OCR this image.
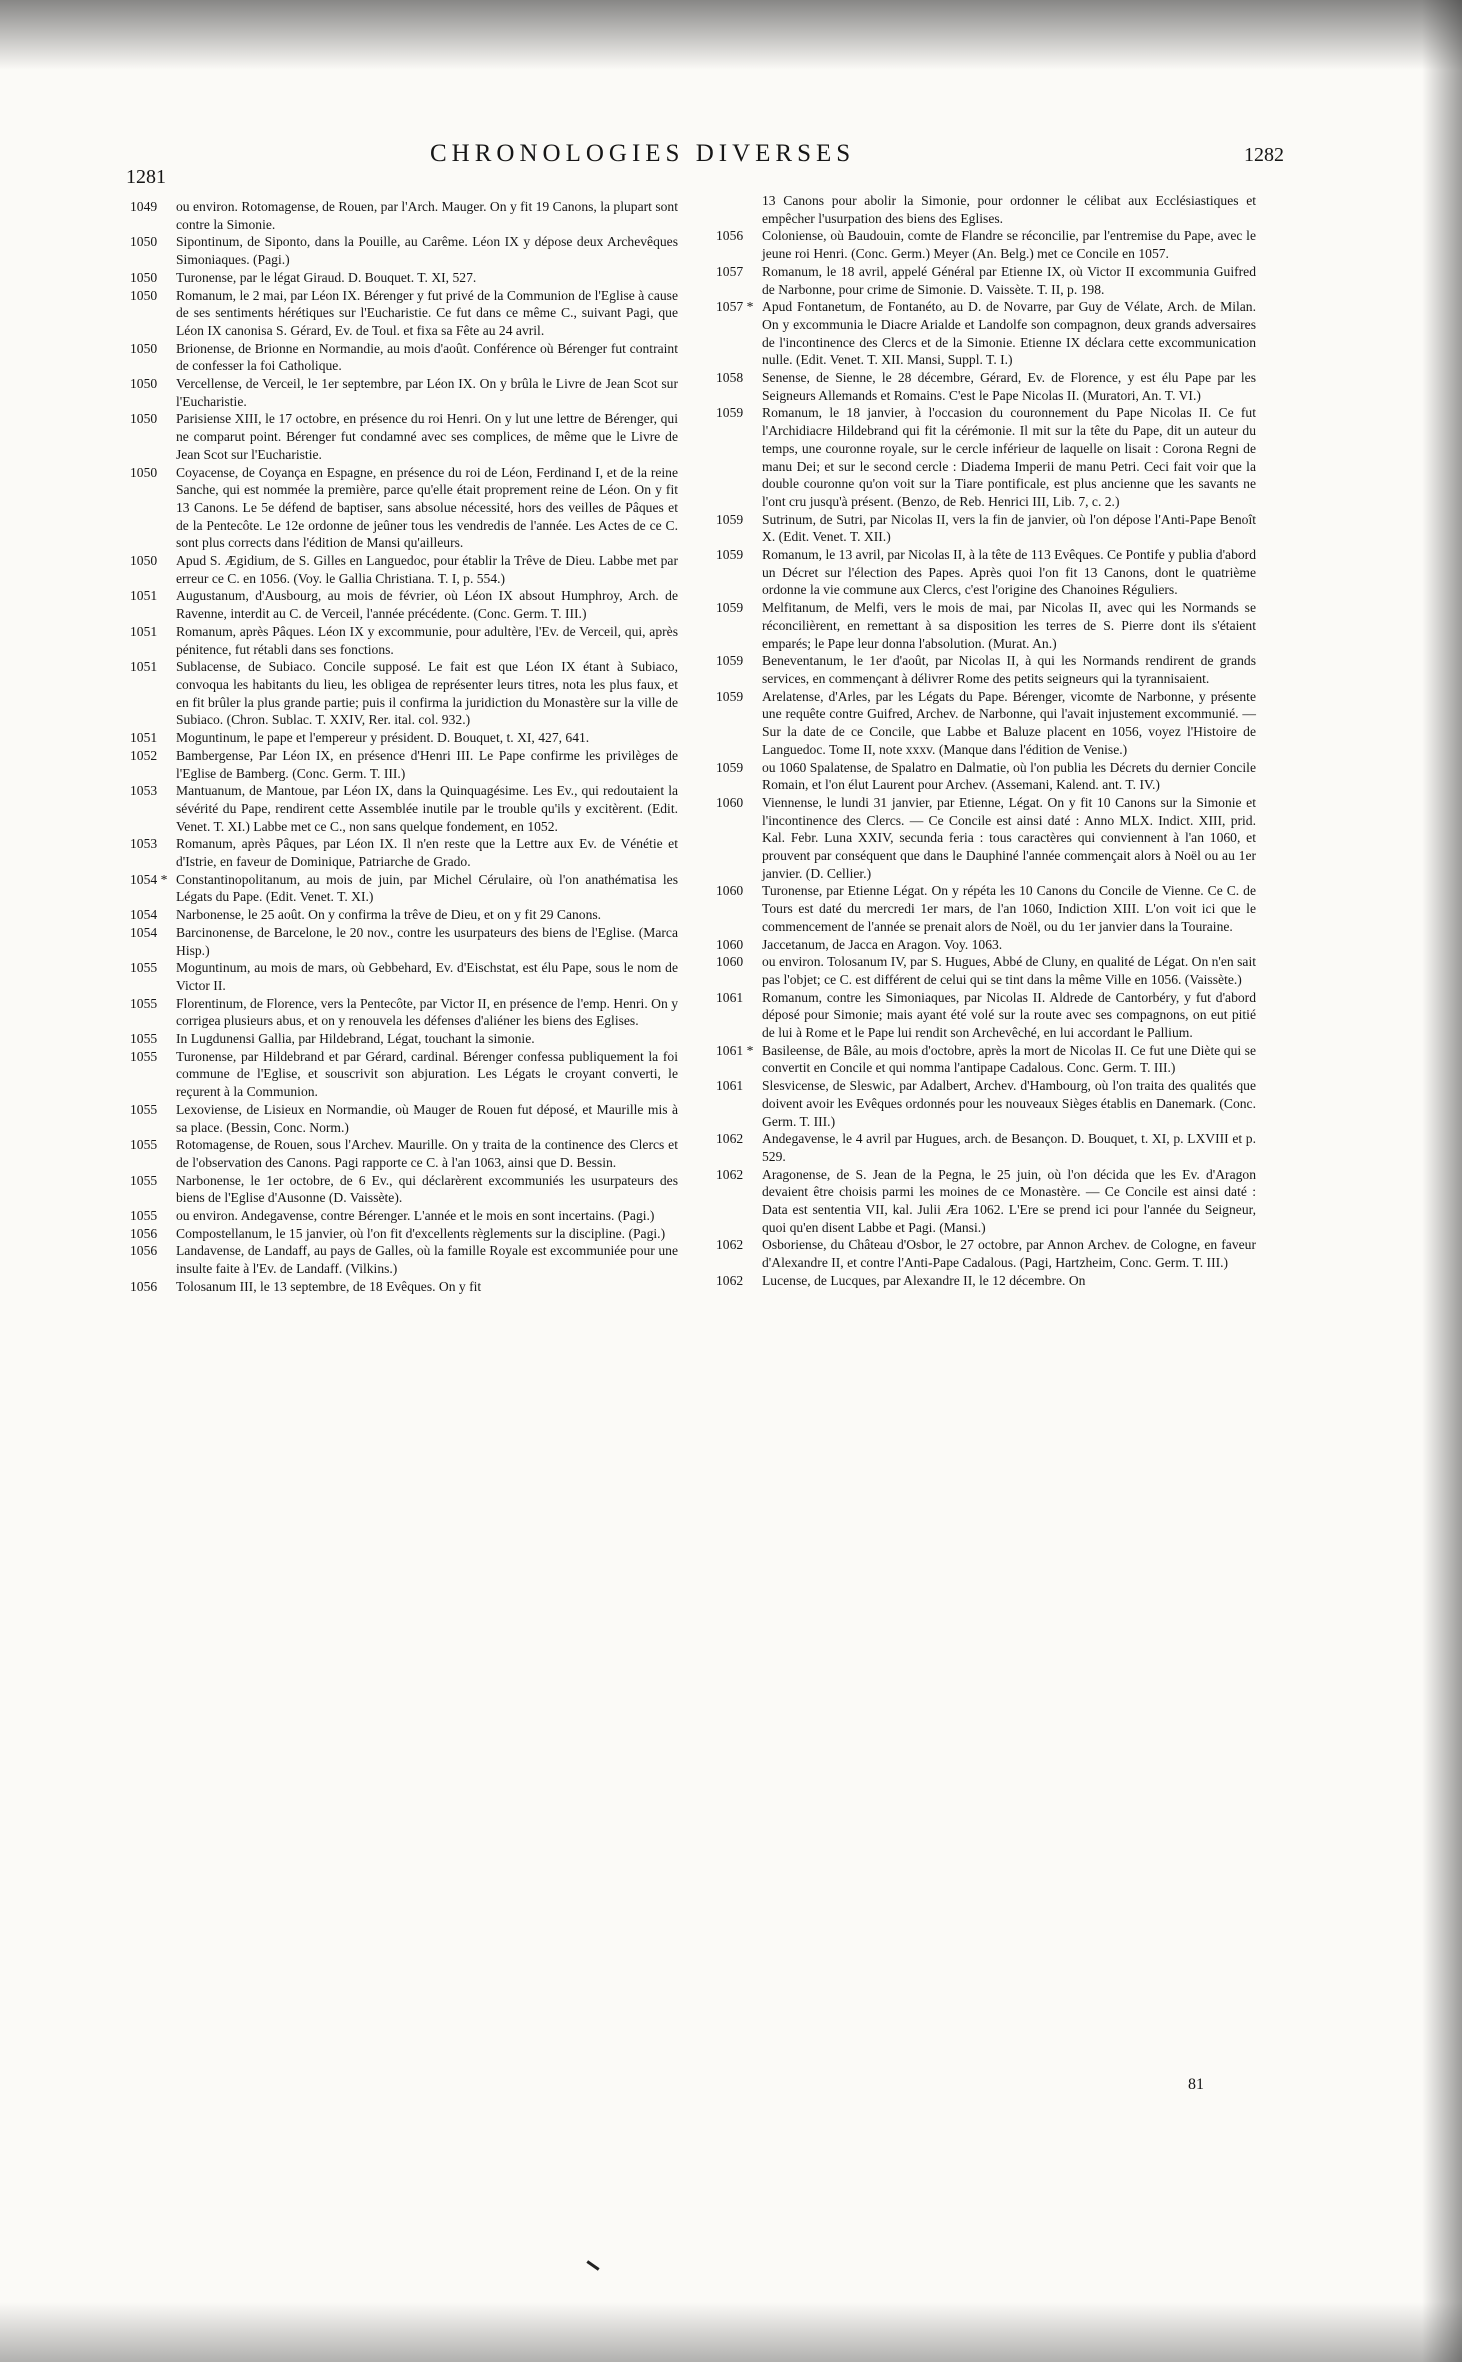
1281
CHRONOLOGIES DIVERSES	1282

1049 ou environ. Rotomagense, de Rouen, par l'Arch. Mauger. On y fit 19 Canons, la plupart sont contre la Simonie.

1050 Sipontinum, de Siponto, dans la Pouille, au Carême. Léon IX y dépose deux Archevêques Simoniaques. (Pagi.)

1050 Turonense, par le légat Giraud. D. Bouquet. T. XI, 527.

1050 Romanum, le 2 mai, par Léon IX. Bérenger y fut privé de la Communion de l'Eglise à cause de ses sentiments hérétiques sur l'Eucharistie. Ce fut dans ce même C., suivant Pagi, que Léon IX canonisa S. Gérard, Ev. de Toul. et fixa sa Fête au 24 avril.

1050 Brionense, de Brionne en Normandie, au mois d'août. Conférence où Bérenger fut contraint de confesser la foi Catholique.

1050 Vercellense, de Verceil, le 1er septembre, par Léon IX. On y brûla le Livre de Jean Scot sur l'Eucharistie.

1050 Parisiense XIII, le 17 octobre, en présence du roi Henri. On y lut une lettre de Bérenger, qui ne comparut point. Bérenger fut condamné avec ses complices, de même que le Livre de Jean Scot sur l'Eucharistie.

1050 Coyacense, de Coyança en Espagne, en présence du roi de Léon, Ferdinand I, et de la reine Sanche, qui est nommée la première, parce qu'elle était proprement reine de Léon. On y fit 13 Canons. Le 5e défend de baptiser, sans absolue nécessité, hors des veilles de Pâques et de la Pentecôte. Le 12e ordonne de jeûner tous les vendredis de l'année. Les Actes de ce C. sont plus corrects dans l'édition de Mansi qu'ailleurs.

1050 Apud S. Ægidium, de S. Gilles en Languedoc, pour établir la Trêve de Dieu. Labbe met par erreur ce C. en 1056. (Voy. le Gallia Christiana. T. I, p. 554.)

1051 Augustanum, d'Ausbourg, au mois de février, où Léon IX absout Humphroy, Arch. de Ravenne, interdit au C. de Verceil, l'année précédente. (Conc. Germ. T. III.)

1051 Romanum, après Pâques. Léon IX y excommunie, pour adultère, l'Ev. de Verceil, qui, après pénitence, fut rétabli dans ses fonctions.

1051 Sublacense, de Subiaco. Concile supposé. Le fait est que Léon IX étant à Subiaco, convoqua les habitants du lieu, les obligea de représenter leurs titres, nota les plus faux, et en fit brûler la plus grande partie; puis il confirma la juridiction du Monastère sur la ville de Subiaco. (Chron. Sublac. T. XXIV, Rer. ital. col. 932.)

1051 Moguntinum, le pape et l'empereur y président. D. Bouquet, t. XI, 427, 641.

1052 Bambergense, Par Léon IX, en présence d'Henri III. Le Pape confirme les privilèges de l'Eglise de Bamberg. (Conc. Germ. T. III.)

1053 Mantuanum, de Mantoue, par Léon IX, dans la Quinquagésime. Les Ev., qui redoutaient la sévérité du Pape, rendirent cette Assemblée inutile par le trouble qu'ils y excitèrent. (Edit. Venet. T. XI.) Labbe met ce C., non sans quelque fondement, en 1052.

1053 Romanum, après Pâques, par Léon IX. Il n'en reste que la Lettre aux Ev. de Vénétie et d'Istrie, en faveur de Dominique, Patriarche de Grado.

1054 * Constantinopolitanum, au mois de juin, par Michel Cérulaire, où l'on anathématisa les Légats du Pape. (Edit. Venet. T. XI.)

1054 Narbonense, le 25 août. On y confirma la trêve de Dieu, et on y fit 29 Canons.

1054 Barcinonense, de Barcelone, le 20 nov., contre les usurpateurs des biens de l'Eglise. (Marca Hisp.)

1055 Moguntinum, au mois de mars, où Gebbehard, Ev. d'Eischstat, est élu Pape, sous le nom de Victor II.

1055 Florentinum, de Florence, vers la Pentecôte, par Victor II, en présence de l'emp. Henri. On y corrigea plusieurs abus, et on y renouvela les défenses d'aliéner les biens des Eglises.

1055 In Lugdunensi Gallia, par Hildebrand, Légat, touchant la simonie.

1055 Turonense, par Hildebrand et par Gérard, cardinal. Bérenger confessa publiquement la foi commune de l'Eglise, et souscrivit son abjuration. Les Légats le croyant converti, le reçurent à la Communion.

1055 Lexoviense, de Lisieux en Normandie, où Mauger de Rouen fut déposé, et Maurille mis à sa place. (Bessin, Conc. Norm.)

1055 Rotomagense, de Rouen, sous l'Archev. Maurille. On y traita de la continence des Clercs et de l'observation des Canons. Pagi rapporte ce C. à l'an 1063, ainsi que D. Bessin.

1055 Narbonense, le 1er octobre, de 6 Ev., qui déclarèrent excommuniés les usurpateurs des biens de l'Eglise d'Ausonne (D. Vaissète).

1055 ou environ. Andegavense, contre Bérenger. L'année et le mois en sont incertains. (Pagi.)

1056 Compostellanum, le 15 janvier, où l'on fit d'excellents règlements sur la discipline. (Pagi.)

1056 Landavense, de Landaff, au pays de Galles, où la famille Royale est excommuniée pour une insulte faite à l'Ev. de Landaff. (Vilkins.)

1056 Tolosanum III, le 13 septembre, de 18 Evêques. On y fit

13 Canons pour abolir la Simonie, pour ordonner le célibat aux Ecclésiastiques et empêcher l'usurpation des biens des Eglises.

1056 Coloniense, où Baudouin, comte de Flandre se réconcilie, par l'entremise du Pape, avec le jeune roi Henri. (Conc. Germ.) Meyer (An. Belg.) met ce Concile en 1057.

1057 Romanum, le 18 avril, appelé Général par Etienne IX, où Victor II excommunia Guifred de Narbonne, pour crime de Simonie. D. Vaissète. T. II, p. 198.

1057 * Apud Fontanetum, de Fontanéto, au D. de Novarre, par Guy de Vélate, Arch. de Milan. On y excommunia le Diacre Arialde et Landolfe son compagnon, deux grands adversaires de l'incontinence des Clercs et de la Simonie. Etienne IX déclara cette excommunication nulle. (Edit. Venet. T. XII. Mansi, Suppl. T. I.)

1058 Senense, de Sienne, le 28 décembre, Gérard, Ev. de Florence, y est élu Pape par les Seigneurs Allemands et Romains. C'est le Pape Nicolas II. (Muratori, An. T. VI.)

1059 Romanum, le 18 janvier, à l'occasion du couronnement du Pape Nicolas II. Ce fut l'Archidiacre Hildebrand qui fit la cérémonie. Il mit sur la tête du Pape, dit un auteur du temps, une couronne royale, sur le cercle inférieur de laquelle on lisait : Corona Regni de manu Dei; et sur le second cercle : Diadema Imperii de manu Petri. Ceci fait voir que la double couronne qu'on voit sur la Tiare pontificale, est plus ancienne que les savants ne l'ont cru jusqu'à présent. (Benzo, de Reb. Henrici III, Lib. 7, c. 2.)

1059 Sutrinum, de Sutri, par Nicolas II, vers la fin de janvier, où l'on dépose l'Anti-Pape Benoît X. (Edit. Venet. T. XII.)

1059 Romanum, le 13 avril, par Nicolas II, à la tête de 113 Evêques. Ce Pontife y publia d'abord un Décret sur l'élection des Papes. Après quoi l'on fit 13 Canons, dont le quatrième ordonne la vie commune aux Clercs, c'est l'origine des Chanoines Réguliers.

1059 Melfitanum, de Melfi, vers le mois de mai, par Nicolas II, avec qui les Normands se réconcilièrent, en remettant à sa disposition les terres de S. Pierre dont ils s'étaient emparés; le Pape leur donna l'absolution. (Murat. An.)

1059 Beneventanum, le 1er d'août, par Nicolas II, à qui les Normands rendirent de grands services, en commençant à délivrer Rome des petits seigneurs qui la tyrannisaient.

1059 Arelatense, d'Arles, par les Légats du Pape. Bérenger, vicomte de Narbonne, y présente une requête contre Guifred, Archev. de Narbonne, qui l'avait injustement excommunié. — Sur la date de ce Concile, que Labbe et Baluze placent en 1056, voyez l'Histoire de Languedoc. Tome II, note xxxv. (Manque dans l'édition de Venise.)

1059 ou 1060 Spalatense, de Spalatro en Dalmatie, où l'on publia les Décrets du dernier Concile Romain, et l'on élut Laurent pour Archev. (Assemani, Kalend. ant. T. IV.)

1060 Viennense, le lundi 31 janvier, par Etienne, Légat. On y fit 10 Canons sur la Simonie et l'incontinence des Clercs. — Ce Concile est ainsi daté : Anno MLX. Indict. XIII, prid. Kal. Febr. Luna XXIV, secunda feria : tous caractères qui conviennent à l'an 1060, et prouvent par conséquent que dans le Dauphiné l'année commençait alors à Noël ou au 1er janvier. (D. Cellier.)

1060 Turonense, par Etienne Légat. On y répéta les 10 Canons du Concile de Vienne. Ce C. de Tours est daté du mercredi 1er mars, de l'an 1060, Indiction XIII. L'on voit ici que le commencement de l'année se prenait alors de Noël, ou du 1er janvier dans la Touraine.

1060 Jaccetanum, de Jacca en Aragon. Voy. 1063.

1060 ou environ. Tolosanum IV, par S. Hugues, Abbé de Cluny, en qualité de Légat. On n'en sait pas l'objet; ce C. est différent de celui qui se tint dans la même Ville en 1056. (Vaissète.)

1061 Romanum, contre les Simoniaques, par Nicolas II. Aldrede de Cantorbéry, y fut d'abord déposé pour Simonie; mais ayant été volé sur la route avec ses compagnons, on eut pitié de lui à Rome et le Pape lui rendit son Archevêché, en lui accordant le Pallium.

1061 * Basileense, de Bâle, au mois d'octobre, après la mort de Nicolas II. Ce fut une Diète qui se convertit en Concile et qui nomma l'antipape Cadalous. Conc. Germ. T. III.)

1061 Slesvicense, de Sleswic, par Adalbert, Archev. d'Hambourg, où l'on traita des qualités que doivent avoir les Evêques ordonnés pour les nouveaux Sièges établis en Danemark. (Conc. Germ. T. III.)

1062 Andegavense, le 4 avril par Hugues, arch. de Besançon. D. Bouquet, t. XI, p. LXVIII et p. 529.

1062 Aragonense, de S. Jean de la Pegna, le 25 juin, où l'on décida que les Ev. d'Aragon devaient être choisis parmi les moines de ce Monastère. — Ce Concile est ainsi daté : Data est sententia VII, kal. Julii Æra 1062. L'Ere se prend ici pour l'année du Seigneur, quoi qu'en disent Labbe et Pagi. (Mansi.)

1062 Osboriense, du Château d'Osbor, le 27 octobre, par Annon Archev. de Cologne, en faveur d'Alexandre II, et contre l'Anti-Pape Cadalous. (Pagi, Hartzheim, Conc. Germ. T. III.)

1062 Lucense, de Lucques, par Alexandre II, le 12 décembre. On

81
